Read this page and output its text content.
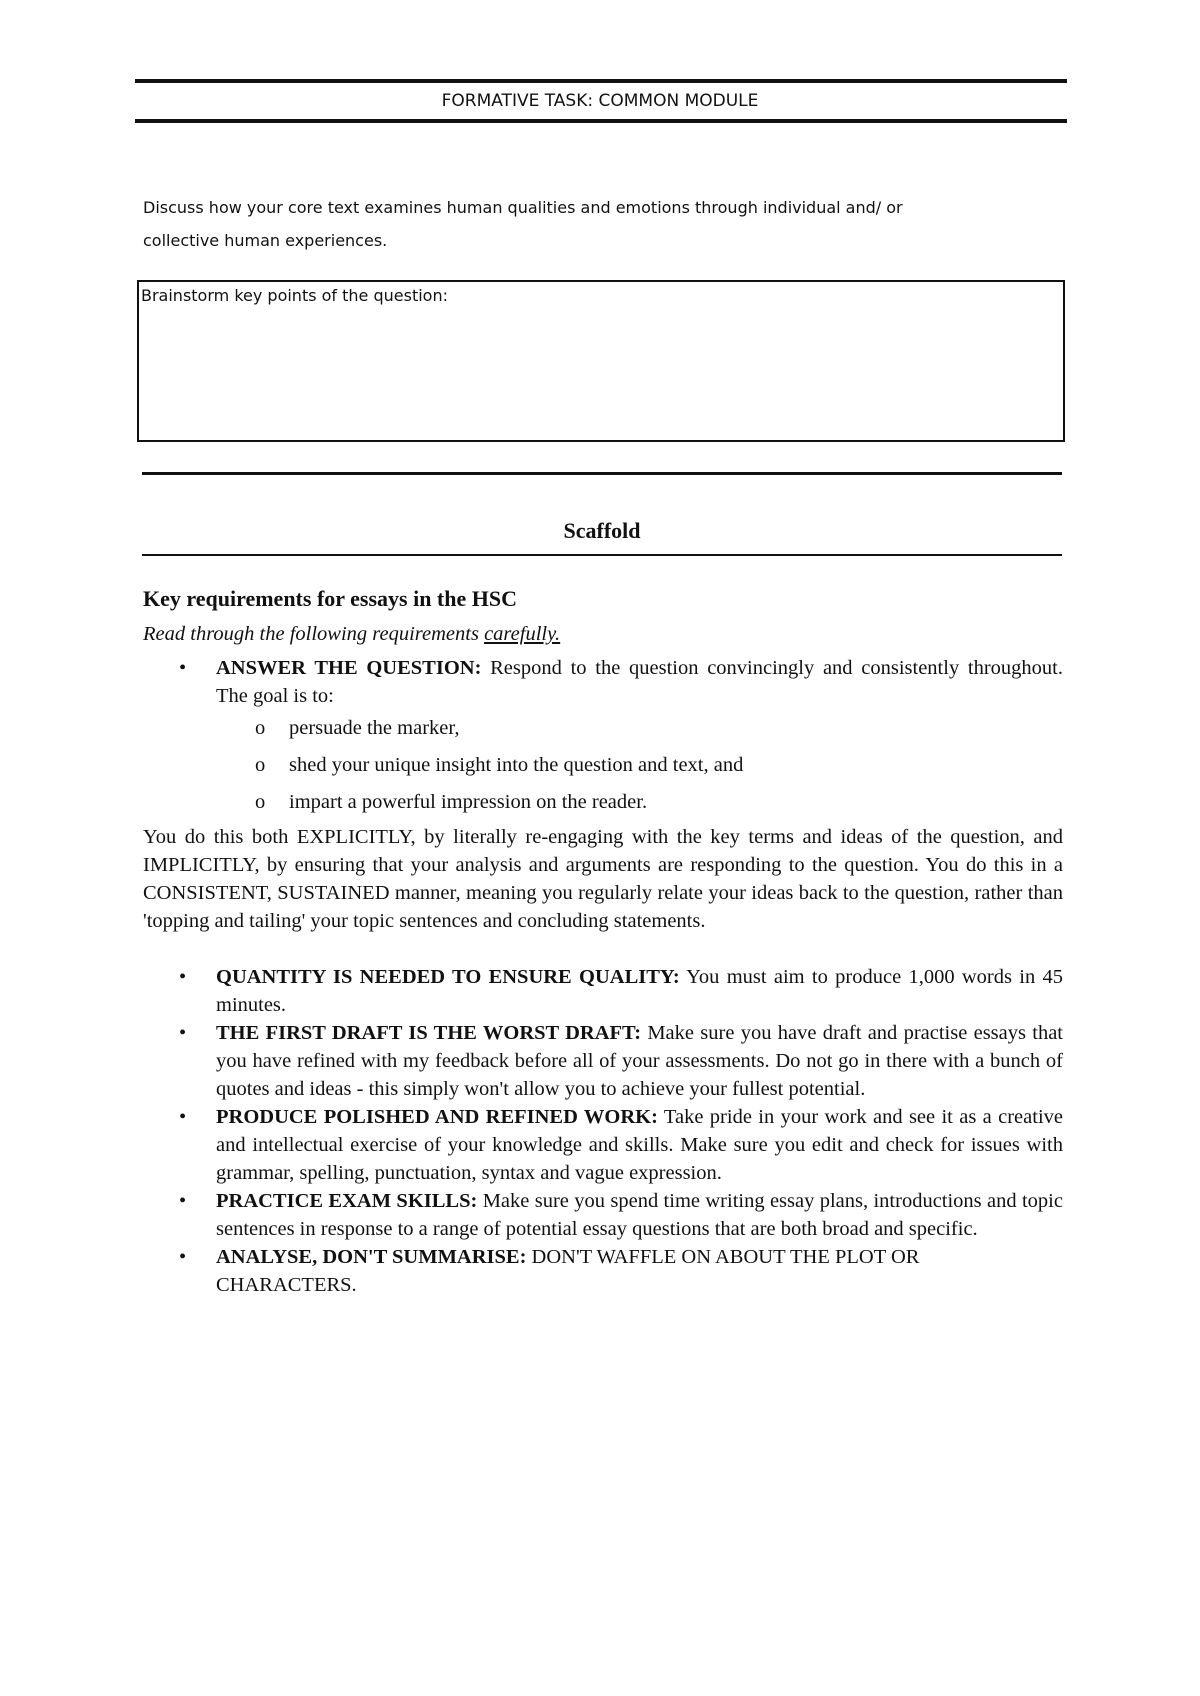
FORMATIVE TASK: COMMON MODULE
Discuss how your core text examines human qualities and emotions through individual and/ or
collective human experiences.
Brainstorm key points of the question:
Scaffold

Key requirements for essays in the HSC

Read through the following requirements carefully.

• ANSWER THE QUESTION: Respond to the question convincingly and consistently throughout. The goal is to:
o persuade the marker,
o shed your unique insight into the question and text, and
o impart a powerful impression on the reader.

You do this both EXPLICITLY, by literally re-engaging with the key terms and ideas of the question, and IMPLICITLY, by ensuring that your analysis and arguments are responding to the question. You do this in a CONSISTENT, SUSTAINED manner, meaning you regularly relate your ideas back to the question, rather than 'topping and tailing' your topic sentences and concluding statements.

• QUANTITY IS NEEDED TO ENSURE QUALITY: You must aim to produce 1,000 words in 45 minutes.
• THE FIRST DRAFT IS THE WORST DRAFT: Make sure you have draft and practise essays that you have refined with my feedback before all of your assessments. Do not go in there with a bunch of quotes and ideas - this simply won't allow you to achieve your fullest potential.
• PRODUCE POLISHED AND REFINED WORK: Take pride in your work and see it as a creative and intellectual exercise of your knowledge and skills. Make sure you edit and check for issues with grammar, spelling, punctuation, syntax and vague expression.
• PRACTICE EXAM SKILLS: Make sure you spend time writing essay plans, introductions and topic sentences in response to a range of potential essay questions that are both broad and specific.
• ANALYSE, DON'T SUMMARISE: DON'T WAFFLE ON ABOUT THE PLOT OR CHARACTERS.
